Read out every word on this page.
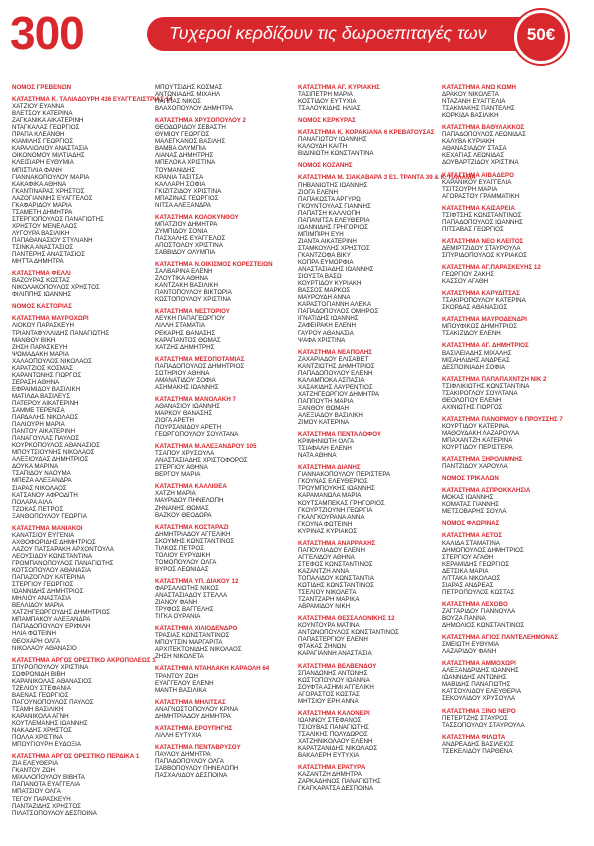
300	Τυχεροί κερδίζουν τις δωροεπιταγές των	50€
ΝΟΜΟΣ ΓΡΕΒΕΝΩΝ
ΚΑΤΑΣΤΗΜΑ Κ. ΤΑΛΙΑΔΟΥΡΗ 436 ΕΥΑΓΓΕΛΙΣΤΡΙΑΣ 14
ΧΑΤΖΙΟΥ ΕΥΑΝΝΑ
ΒΛΕΤΣΟΥ ΚΑΤΕΡΙΝΑ
ΖΑΓΚΑΝΙΚΑ ΑΙΚΑΤΕΡΙΝΗ
ΝΤΑΓΚΑΛΑΣ ΓΕΩΡΓΙΟΣ
ΠΡΑΠΑ ΚΛΕΑΝΘΗ
ΚΙΑΜΙΛΗΣ ΓΕΩΡΓΙΟΣ
ΚΑΡΑΛΙΟΛΙΟΥ ΑΝΑΣΤΑΣΙΑ
ΟΙΚΟΝΟΜΟΥ ΜΙΛΤΙΑΔΗΣ
ΚΛΕΙΣΙΑΡΗ ΕΥΘΥΜΙΑ
ΜΠΙΣΤΙΛΙΑ ΦΑΝΗ
ΓΙΑΝΝΑΚΟΠΟΥΛΟΥ ΜΑΡΙΑ
ΚΑΚΑΦΙΚΑ ΑΘΗΝΑ
ΓΚΑΝΤΙΝΑΡΑΣ ΧΡΗΣΤΟΣ
ΛΑΖΟΓΙΑΝΝΗΣ ΕΥΑΓΓΕΛΟΣ
ΓΚΑΦΑΡΙΔΟΥ ΜΑΡΙΑ
ΤΣΑΜΕΤΗ ΔΗΜΗΤΡΑ
ΣΤΕΡΓΙΟΠΟΥΛΟΣ ΠΑΝΑΓΙΩΤΗΣ
ΧΡΗΣΤΟΥ ΜΕΝΕΛΑΟΣ
ΛΥΓΟΥΡΑ ΒΑΣΙΛΙΚΗ
ΠΑΠΑΘΑΝΑΣΙΟΥ ΣΤΥΛΙΑΝΗ
ΤΣΙΝΚΑ ΑΝΑΣΤΑΣΙΟΣ
ΠΑΝΤΕΡΗΣ ΑΝΑΣΤΑΣΙΟΣ
ΜΗΤΤΑ ΔΗΜΗΤΡΑ
ΚΑΤΑΣΤΗΜΑ ΦΕΛΛΙ
ΒΑΖΟΥΡΑΣ ΚΩΣΤΑΣ
ΝΙΚΟΛΑΚΟΠΟΥΛΟΣ ΧΡΗΣΤΟΣ
ΦΙΛΙΠΠΗΣ ΙΩΑΝΝΗΣ
ΝΟΜΟΣ ΚΑΣΤΟΡΙΑΣ
ΚΑΤΑΣΤΗΜΑ ΜΑΥΡΟΧΩΡΙ
ΛΙΟΚΟΥ ΠΑΡΑΣΚΕΥΗ
ΤΡΙΑΝΤΑΦΥΛΛΙΔΗΣ ΠΑΝΑΓΙΩΤΗΣ
ΜΑΝΘΟΥ ΒΙΚΗ
ΖΗΣΗ ΠΑΡΑΣΚΕΥΗ
ΨΩΜΑΔΑΚΗ ΜΑΡΙΑ
ΧΑΛΑΟΠΟΥΛΟΣ ΝΙΚΟΛΑΟΣ
ΚΑΡΑΤΖΙΟΣ ΚΟΣΜΑΣ
ΚΑΡΑΝΤΩΝΗΣ ΓΙΩΡΓΟΣ
ΣΕΡΑΣΗ ΑΘΗΝΑ
ΕΦΡΑΙΜΙΔΟΥ ΒΑΣΙΛΙΚΗ
ΜΑΤΙΛΔΑ ΒΑΣΙΛΕΥΣ
ΠΑΤΕΡΟΥ ΑΙΚΑΤΕΡΙΝΗ
ΣΑΜΜΕ ΤΕΡΕΝΣΑ
ΠΑΡΔΑΛΗΣ ΝΙΚΟΛΑΟΣ
ΠΑΛΙΟΥΡΗ ΜΑΡΙΑ
ΠΑΝΤΟΥ ΑΙΚΑΤΕΡΙΝΗ
ΠΑΝΑΓΟΥΛΑΣ ΠΑΥΛΟΣ
ΚΟΥΡΚΟΠΟΥΛΟΣ ΑΘΑΝΑΣΙΟΣ
ΜΠΟΥΤΣΙΟΥΝΗΣ ΝΙΚΟΛΑΟΣ
ΑΛΕΞΙΟΥΔΑΣ ΔΗΜΗΤΡΙΟΣ
ΔΟΥΚΑ ΜΑΡΙΝΑ
ΤΣΑΠΙΔΟΥ ΝΑΟΥΜΑ
ΜΠΕΖΑ ΑΛΕΞΑΝΔΡΑ
ΣΙΑΡΑΣ ΝΙΚΟΛΑΟΣ
ΚΑΤΣΑΝΟΥ ΑΦΡΟΔΙΤΗ
ΠΟΛΑΡΑ ΑΙΛΑ
ΤΖΟΚΑΣ ΠΕΤΡΟΣ
ΞΑΝΘΟΠΟΥΛΟΥ ΓΕΩΡΓΙΑ
ΚΑΤΑΣΤΗΜΑ ΜΑΝΙΑΚΟΙ
ΚΑΝΑΤΣΙΟΥ ΕΥΓΕΝΙΑ
ΑΧΘΟΦΟΡΙΔΗΣ ΔΗΜΗΤΡΙΟΣ
ΛΑΖΟΥ ΠΑΤΣΑΡΑΚΗ ΑΡΧΟΝΤΟΥΛΑ
ΛΕΟΥΣΙΔΟΥ ΚΩΝΣΤΑΝΤΙΝΑ
ΓΡΟΜΠΑΝΟΠΟΥΛΟΣ ΠΑΝΑΓΙΩΤΗΣ
ΚΟΤΣΟΠΟΥΛΟΥ ΑΘΑΝΑΣΙΑ
ΠΑΠΑΖΟΓΛΟΥ ΚΑΤΕΡΙΝΑ
ΣΤΕΡΓΙΟΥ ΓΕΩΡΓΙΟΣ
ΙΩΑΝΝΙΔΗΣ ΔΗΜΗΤΡΙΟΣ
ΜΗΛΙΟΥ ΑΝΑΣΤΑΣΙΑ
ΒΕΛΛΙΔΟΥ ΜΑΡΙΑ
ΧΑΤΖΗΓΕΩΡΓΟΥΔΗΣ ΔΗΜΗΤΡΙΟΣ
ΜΠΑΜΠΑΚΟΥ ΑΛΕΞΑΝΔΡΑ
ΠΑΠΑΔΟΠΟΥΛΟΥ ΕΡΙΦΙΛΗ
ΗΛΙΑ ΦΩΤΕΙΝΗ
ΘΕΟΧΑΡΗ ΟΛΓΑ
ΝΙΚΟΛΑΟΥ ΑΘΑΝΑΣΙΟ
ΚΑΤΑΣΤΗΜΑ ΑΡΓΟΣ ΟΡΕΣΤΙΚΟ ΑΚΡΟΠΟΛΕΩΣ 1
ΣΠΥΡΟΠΟΥΛΟΥ ΧΡΙΣΤΙΝΑ
ΣΩΦΡΟΝΙΔΗ ΒΙΒΗ
ΚΑΡΑΝΙΚΟΛΑΣ ΑΘΑΝΑΣΙΟΣ
ΤΖΕΛΙΟΥ ΣΤΕΦΑΝΙΑ
ΒΑΕΝΑΣ ΓΕΩΡΓΙΟΣ
ΠΑΓΟΥΝΟΠΟΥΛΟΣ ΠΑΥΛΟΣ
ΤΣΑΜΗ ΒΑΣΙΛΙΚΗ
ΚΑΡΑΝΙΚΟΛΑ ΑΓΝΗ
ΚΟΥΤΛΕΜΑΝΗΣ ΙΩΑΝΝΗΣ
ΝΑΚΑΔΗΣ ΧΡΗΣΤΟΣ
ΠΟΛΛΑ ΧΡΙΣΤΙΝΑ
ΜΠΟΥΓΙΟΥΡΗ ΕΥΔΟΞΙΑ
ΚΑΤΑΣΤΗΜΑ ΑΡΓΟΣ ΟΡΕΣΤΙΚΟ ΠΕΡΔΙΚΑ 1
ΖΙΑ ΕΛΕΥΘΕΡΙΑ
ΓΚΑΝΤΟΥ ΖΩΗ
ΜΙΧΑΛΟΠΟΥΛΟΥ ΒΙΒΗΤΑ
ΠΑΠΑΝΟΤΑ ΕΥΑΓΓΕΛΙΑ
ΜΠΑΤΣΙΟΥ ΟΛΓΑ
ΤΕΓΟΥ ΠΑΡΑΣΚΕΥΗ
ΠΑΝΤΑΖΙΔΗΣ ΧΡΗΣΤΟΣ
ΠΙΛΑΤΣΟΠΟΥΛΟΥ ΔΕΣΠΟΙΝΑ
ΜΠΟΥΤΣΙΔΗΣ ΚΟΣΜΑΣ
ΑΝΤΩΝΙΑΔΗΣ ΜΙΧΑΗΛ
ΠΑΠΠΑΣ ΝΙΚΟΣ
ΒΛΑΧΟΠΟΥΛΟΥ ΔΗΜΗΤΡΑ
ΚΑΤΑΣΤΗΜΑ ΧΡΥΣΟΠΟΥΛΟΥ 2
ΘΕΟΔΩΡΙΔΟΥ ΣΕΒΑΣΤΗ
ΘΥΜΙΟΥ ΓΕΩΡΓΟΣ
ΜΑΛΕΓΚΑΝΟΣ ΒΑΣΙΛΗΣ
ΒΑΜΒΑ ΟΛΥΜΠΙΑ
ΛΙΑΝΑΣ ΔΗΜΗΤΡΗΣ
ΜΠΕΛΟΚΑ ΧΡΙΣΤΙΝΑ
ΤΟΥΜΑΝΙΔΗΣ
ΚΡΑΝΙΑ ΤΑΣΙΤΣΑ
ΚΑΛΛΑΡΗ ΣΟΦΙΑ
ΓΚΙΖΙΤΖΙΔΟΥ ΧΡΙΣΤΙΝΑ
ΜΠΑΖΙΝΑΣ ΓΕΩΡΓΙΟΣ
ΝΙΤΣΑ ΑΛΕΞΑΝΔΡΑ
ΚΑΤΑΣΤΗΜΑ ΚΟΛΟΚΥΝΘΟΥ
ΜΠΑΤΖΙΟΥ ΔΗΜΗΤΡΑ
ΖΥΜΠΙΔΟΥ ΣΟΝΙΑ
ΠΑΣΧΑΛΗΣ ΕΥΑΓΓΕΛΟΣ
ΑΠΟΣΤΟΛΟΥ ΧΡΙΣΤΙΝΑ
ΣΑΒΒΙΔΟΥ ΟΛΥΜΠΙΑ
ΚΑΤΑΣΤΗΜΑ Ν.ΟΙΚΙΣΜΟΣ ΚΟΡΕΣΤΕΙΩΝ
ΣΑΛΒΑΡΙΝΑ ΕΛΕΝΗ
ΖΛΟΥΤΙΚΑ ΑΘΗΝΑ
ΚΑΝΤΖΑΚΗ ΒΑΣΙΛΙΚΗ
ΠΑΝΤΟΠΟΥΛΟΥ ΒΙΚΤΩΡΙΑ
ΚΩΣΤΟΠΟΥΛΟΥ ΧΡΙΣΤΙΝΑ
ΚΑΤΑΣΤΗΜΑ ΝΕΣΤΟΡΙΟΥ
ΛΕΥΚΗ ΠΑΠΑΓΕΩΡΓΙΟΥ
ΛΙΛΛΗ ΣΤΑΜΑΤΙΑ
ΡΕΚΑΡΗΣ ΘΑΝΑΣΗΣ
ΚΑΡΑΠΑΝΤΟΣ ΘΩΜΑΣ
ΧΑΤΖΗΣ ΔΗΜΗΤΡΗΣ
ΚΑΤΑΣΤΗΜΑ ΜΕΣΟΠΟΤΑΜΙΑΣ
ΠΑΠΑΔΟΠΟΥΛΟΣ ΔΗΜΗΤΡΙΟΣ
ΣΩΤΗΡΙΟΥ ΑΘΗΝΑ
ΑΜΑΝΑΤΙΔΟΥ ΣΟΦΙΑ
ΑΣΗΜΑΚΗΣ ΙΩΑΝΝΗΣ
ΚΑΤΑΣΤΗΜΑ ΜΑΝΟΛΑΚΗ 7
ΑΘΑΝΑΣΙΟΥ ΙΩΑΝΝΗΣ
ΜΑΡΚΟΥ ΘΑΝΑΣΗΣ
ΖΙΟΓΑ ΑΡΕΤΗ
ΠΟΥΡΣΑΝΙΔΟΥ ΑΡΕΤΗ
ΓΕΩΡΓΟΠΟΥΛΟΥ ΣΟΥΛΤΑΝΑ
ΚΑΤΑΣΤΗΜΑ Μ.ΑΛΕΞΑΝΔΡΟΥ 105
ΤΣΑΠΟΥ ΧΡΥΣΟΥΛΑ
ΑΝΑΣΤΑΣΙΑΔΗΣ ΧΡΙΣΤΟΦΟΡΟΣ
ΣΤΕΡΓΙΟΥ ΑΘΗΝΑ
ΒΕΡΓΟΥ ΜΑΡΙΑ
ΚΑΤΑΣΤΗΜΑ ΚΑΛΛΙΘΕΑ
ΧΑΤΖΗ ΜΑΡΙΑ
ΜΑΥΡΙΔΟΥ ΠΗΝΕΛΟΠΗ
ΖΗΝΑΝΗΣ ΘΩΜΑΣ
ΒΑΖΚΟΥ ΘΕΟΔΩΡΑ
ΚΑΤΑΣΤΗΜΑ ΚΟΣΤΑΡΑΖΙ
ΔΗΜΗΤΡΙΑΔΟΥ ΑΓΓΕΛΙΚΗ
ΣΚΟΥΜΗΣ ΚΩΝΣΤΑΝΤΙΝΟΣ
ΤΙΛΚΟΣ ΠΕΤΡΟΣ
ΤΟΛΙΟΥ ΕΥΡΥΔΙΚΗ
ΤΟΜΟΠΟΥΛΟΥ ΟΛΓΑ
ΒΥΡΟΣ ΛΕΩΝΙΔΑΣ
ΚΑΤΑΣΤΗΜΑ ΥΠ. ΔΙΑΚΟΥ 12
ΦΑΡΣΑΛΙΩΤΗΣ ΝΙΚΟΣ
ΑΝΑΣΤΑΣΙΑΔΟΥ ΣΤΕΛΛΑ
ΖΙΑΝΟΥ ΦΑΝΗ
ΤΡΥΦΟΣ ΒΑΓΓΕΛΗΣ
ΤΙΓΚΑ ΟΥΡΑΝΙΑ
ΚΑΤΑΣΤΗΜΑ ΧΙΛΙΟΔΕΝΔΡΟ
ΤΡΑΣΙΑΣ ΚΩΝΣΤΑΝΤΙΝΟΣ
ΜΠΟΥΤΣΙΝ ΜΑΡΓΑΡΙΤΑ
ΑΡΧΙΤΕΚΤΟΝΙΔΗΣ ΝΙΚΟΛΑΟΣ
ΖΗΣΗ ΝΙΚΟΛΕΤΑ
ΚΑΤΑΣΤΗΜΑ ΝΤΑΗΛΑΚΗ ΚΑΡΑΟΛΗ 64
ΤΡΑΝΤΟΥ ΖΩΗ
ΕΥΑΓΓΕΛΟΥ ΕΛΕΝΗ
ΜΑΝΤΗ ΒΑΣΙΛΙΚΑ
ΚΑΤΑΣΤΗΜΑ ΜΗΛΙΤΣΑΣ
ΑΝΑΓΝΩΣΤΟΠΟΥΛΟΥ ΚΡΙΝΑ
ΔΗΜΗΤΡΙΑΔΟΥ ΔΗΜΗΤΡΑ
ΚΑΤΑΣΤΗΜΑ ΕΡΟΥΠΗΓΗΣ
ΛΙΛΛΗ ΕΥΤΥΧΙΑ
ΚΑΤΑΣΤΗΜΑ ΠΕΝΤΑΒΡΥΣΟΥ
ΠΑΥΛΟΥ ΔΗΜΗΤΡΑ
ΠΑΠΑΔΟΠΟΥΛΟΥ ΟΛΓΑ
ΣΑΒΒΟΠΟΥΛΟΥ ΠΗΝΕΛΟΠΗ
ΠΑΣΧΑΛΙΔΟΥ ΔΕΣΠΟΙΝΑ
ΚΑΤΑΣΤΗΜΑ ΑΓ. ΚΥΡΙΑΚΗΣ
ΤΑΣΙΠΕΤΡΗ ΜΑΡΙΑ
ΚΟΣΤΙΔΟΥ ΕΥΤΥΧΙΑ
ΤΣΑΛΟΥΚΙΔΗΣ ΗΛΙΑΣ
ΝΟΜΟΣ ΚΕΡΚΥΡΑΣ
ΚΑΤΑΣΤΗΜΑ Κ. ΚΟΡΑΚΙΑΝΑ 6 ΚΡΕΒΑΤΟΥΣΑΣ
ΠΑΝΑΓΙΩΤΟΥ ΙΩΑΝΝΗΣ
ΚΑΛΟΥΔΗ ΚΑΙΤΗ
ΒΙΔΙΝΙΩΤΗ ΚΩΝΣΤΑΝΤΙΝΑ
ΝΟΜΟΣ ΚΟΖΑΝΗΣ
ΚΑΤΑΣΤΗΜΑ Μ. ΣΙΑΚΑΒΑΡΑ 3 Ε1. ΤΡΑΝΤΑ 39 & Κ. ΠΑΛΑΜΑ
ΠΗΒΑΝΙΩΤΗΣ ΙΩΑΝΝΗΣ
ΖΙΟΓΑ ΕΛΕΝΗ
ΠΑΠΑΚΩΣΤΑ ΑΡΓΥΡΩ
ΓΚΟΥΝΤΟΥΛΑΣ ΓΙΑΝΝΗΣ
ΠΑΠΑΤΣΗ ΚΑΛΛΙΟΠΗ
ΠΑΠΑΝΙΤΣΑ ΕΛΕΥΘΕΡΙΑ
ΙΩΑΝΝΙΔΗΣ ΓΡΗΓΟΡΙΟΣ
ΜΠΙΜΠΙΡΗ ΕΥΗ
ΖΙΑΝΤΑ ΑΙΚΑΤΕΡΙΝΗ
ΣΤΑΜΚΟΥΛΗΣ ΧΡΗΣΤΟΣ
ΓΚΑΝΤΖΟΦΑ ΒΙΚΥ
ΚΟΠΡΑ ΕΥΜΟΡΦΙΑ
ΑΝΑΣΤΑΣΙΑΔΗΣ ΙΩΑΝΝΗΣ
ΣΙΟΥΣΤΑ ΒΑΣΩ
ΚΟΥΡΤΙΔΟΥ ΚΥΡΙΑΚΗ
ΒΑΣΣΟΣ ΜΑΡΚΟΣ
ΜΑΥΡΟΥΔΗ ΑΝΝΑ
ΚΑΡΑΣΤΟΓΙΑΝΝΗ ΑΛΕΚΑ
ΠΑΠΑΔΟΠΟΥΛΟΣ ΟΜΗΡΟΣ
ΙΓΝΑΤΙΔΗΣ ΙΩΑΝΝΗΣ
ΖΑΦΕΙΡΑΚΗ ΕΛΕΝΗ
ΓΑΥΡΟΥ ΑΘΑΝΑΣΙΑ
ΨΑΦΑ ΧΡΙΣΤΙΝΑ
ΚΑΤΑΣΤΗΜΑ ΝΕΑΠΟΛΗΣ
ΖΑΧΑΡΙΑΔΟΥ ΕΛΙΣΑΒΕΤ
ΚΑΝΤΖΙΩΤΗΣ ΔΗΜΗΤΡΙΟΣ
ΠΑΠΑΔΟΠΟΥΛΟΥ ΕΛΕΝΗ
ΚΑΛΑΜΠΟΚΑ ΑΣΠΑΣΙΑ
ΧΑΣΑΚΙΔΗΣ ΛΑΥΡΕΝΤΙΟΣ
ΧΑΤΖΗΓΕΩΡΓΙΟΥ ΔΗΜΗΤΡΑ
ΠΑΠΠΟΥΤΗ ΜΑΡΙΑ
ΞΑΝΘΟΥ ΘΩΜΑΗ
ΑΛΕΞΙΑΔΟΥ ΒΑΣΙΛΙΚΗ
ΖΙΜΟΥ ΚΑΤΕΡΙΝΑ
ΚΑΤΑΣΤΗΜΑ ΠΕΝΤΑΛΟΦΟΥ
ΚΡΙΜΗΝΙΩΤΗ ΟΛΓΑ
ΤΣΙΑΦΑΛΗ ΕΛΕΝΗ
ΝΑΤΑ ΑΘΗΝΑ
ΚΑΤΑΣΤΗΜΑ ΔΙΑΝΗΣ
ΓΙΑΝΝΑΚΟΠΟΥΛΟΥ ΠΕΡΙΣΤΕΡΑ
ΓΚΟΥΝΑΣ ΕΛΕΥΘΕΡΙΟΣ
ΤΡΟΥΜΠΟΥΚΗΣ ΙΩΑΝΝΗΣ
ΚΑΡΑΜΑΝΩΛΑ ΜΑΡΙΑ
ΚΟΥΤΣΑΜΠΕΚΑΣ ΓΡΗΓΟΡΙΟΣ
ΓΚΟΥΡΤΖΙΟΥΝΗ ΓΕΩΡΓΙΑ
ΓΚΑΛΓΚΟΥΡΑΝΑ ΑΝΝΑ
ΓΚΟΥΝΑ ΦΩΤΕΙΝΗ
ΚΥΡΙΝΑΣ ΚΥΡΙΑΚΟΣ
ΚΑΤΑΣΤΗΜΑ ΑΝΑΡΡΑΧΗΣ
ΠΑΠΟΥΛΙΑΔΟΥ ΕΛΕΝΗ
ΑΓΓΕΛΙΔΟΥ ΑΘΗΝΑ
ΣΤΕΦΟΣ ΚΩΝΣΤΑΝΤΙΝΟΣ
ΚΑΖΑΝΤΖΗ ΑΝΝΑ
ΤΟΠΑΛΙΔΟΥ ΚΩΝΣΤΑΝΤΙΑ
ΚΩΤΙΔΗΣ ΚΩΝΣΤΑΝΤΙΝΟΣ
ΤΣΕΛΙΟΥ ΝΙΚΟΛΕΤΑ
ΤΖΑΝΤΖΑΡΗ ΜΑΡΙΚΑ
ΑΒΡΑΜΙΔΟΥ ΝΙΚΗ
ΚΑΤΑΣΤΗΜΑ ΘΕΣΣΑΛΟΝΙΚΗΣ 12
ΚΟΥΝΤΟΥΡΑ ΜΑΤΙΝΑ
ΑΝΤΩΝΟΠΟΥΛΟΣ ΚΩΝΣΤΑΝΤΙΝΟΣ
ΠΑΠΑΣΤΕΡΓΙΟΥ ΕΛΕΝΗ
ΦΤΑΚΑΣ ΖΗΝΩΝ
ΚΑΡΑΓΙΑΝΝΗ ΑΝΑΣΤΑΣΙΑ
ΚΑΤΑΣΤΗΜΑ ΒΕΛΒΕΝΔΟΥ
ΣΠΑΝΔΩΝΗΣ ΑΝΤΩΝΗΣ
ΚΩΣΤΟΠΟΥΛΟΥ ΙΩΑΝΝΑ
ΣΟΥΦΤΑ ΑΣΗΜΙ ΑΓΓΕΛΙΚΗ
ΑΓΟΡΑΣΤΟΣ ΚΩΣΤΑΣ
ΜΗΤΣΙΟΥ ΕΡΗ ΑΝΝΑ
ΚΑΤΑΣΤΗΜΑ ΚΑΛΟΝΕΡΙ
ΙΩΑΝΝΟΥ ΣΤΕΦΑΝΟΣ
ΤΣΙΟΥΒΑΣ ΠΑΝΑΓΙΩΤΗΣ
ΤΣΑΛΙΚΗΣ ΠΟΛΥΔΩΡΟΣ
ΧΑΤΖΗΝΙΚΟΛΑΟΥ ΕΛΕΝΗ
ΚΑΡΑΤΖΑΝΙΔΗΣ ΝΙΚΟΛΑΟΣ
ΒΑΚΑΛΕΡΗ ΕΥΤΥΧΙΑ
ΚΑΤΑΣΤΗΜΑ ΕΡΑΤΥΡΑ
ΚΑΖΑΝΤΖΗ ΔΗΜΗΤΡΑ
ΖΑΡΚΑΔΗΝΟΣ ΠΑΝΑΓΙΩΤΗΣ
ΓΚΑΓΚΑΡΑΤΣΑ ΔΕΣΠΟΙΝΑ
ΚΑΤΑΣΤΗΜΑ ΑΝΩ ΚΩΜΗ
ΔΡΑΚΟΥ ΝΙΚΟΛΕΤΑ
ΝΤΑΖΑΝΗ ΕΥΑΓΓΕΛΙΑ
ΤΣΑΚΜΑΚΗΣ ΠΑΝΤΕΛΗΣ
ΚΟΡΚΙΔΑ ΒΑΣΙΛΙΚΗ
ΚΑΤΑΣΤΗΜΑ ΒΑΘΥΛΑΚΚΟΣ
ΠΑΠΑΔΟΠΟΥΛΟΣ ΛΕΩΝΙΔΑΣ
ΚΑΛΥΒΑ ΚΥΡΙΑΚΗ
ΑΘΑΝΑΣΙΑΔΟΥ ΣΤΑΣΑ
ΚΕΧΑΓΙΑΣ ΛΕΩΝΙΔΑΣ
ΔΟΥΒΑΡΤΖΙΔΟΥ ΧΡΙΣΤΙΝΑ
ΚΑΤΑΣΤΗΜΑ ΑΙΒΑΔΕΡΟ
ΚΑΡΑΝΙΚΟΥ ΕΥΑΓΓΕΛΙΑ
ΤΣΙΤΣΟΥΡΗ ΜΑΡΙΑ
ΑΓΟΡΑΣΤΟΥ ΓΡΑΜΜΑΤΙΚΗ
ΚΑΤΑΣΤΗΜΑ ΚΑΙΣΑΡΕΙΑ
ΤΣΙΦΤΣΗΣ ΚΩΝΣΤΑΝΤΙΝΟΣ
ΠΑΠΑΔΟΠΟΥΛΟΣ ΙΩΑΝΝΗΣ
ΠΙΤΣΑΒΑΣ ΓΕΩΡΓΙΟΣ
ΚΑΤΑΣΤΗΜΑ ΝΕΟ ΚΛΕΙΤΟΣ
ΔΕΜΙΡΤΖΙΔΟΥ ΣΤΑΥΡΟΥΛΑ
ΣΠΥΡΙΔΟΠΟΥΛΟΣ ΚΥΡΙΑΚΟΣ
ΚΑΤΑΣΤΗΜΑ ΑΓ.ΠΑΡΑΣΚΕΥΗΣ 12
ΓΕΩΡΓΙΟΥ ΖΑΚΗΣ
ΚΑΣΣΟΥ ΑΓΑΘΗ
ΚΑΤΑΣΤΗΜΑ ΚΑΡΥΔΙΤΣΑΣ
ΤΣΑΚΙΡΟΠΟΥΛΟΥ ΚΑΤΕΡΙΝΑ
ΣΚΟΡΔΑΣ ΑΘΑΝΑΣΙΟΣ
ΚΑΤΑΣΤΗΜΑ ΜΑΥΡΟΔΕΝΔΡΙ
ΜΠΟΥΦΙΚΟΣ ΔΗΜΗΤΡΙΟΣ
ΤΣΑΚΙΖΙΔΟΥ ΕΛΕΝΗ
ΚΑΤΑΣΤΗΜΑ ΑΓ. ΔΗΜΗΤΡΙΟΣ
ΒΑΣΙΛΕΙΑΔΗΣ ΜΙΧΑΛΗΣ
ΜΙΣΑΗΛΙΔΗΣ ΑΝΔΡΕΑΣ
ΔΕΣΠΟΙΝΙΑΔΗ ΣΟΦΙΑ
ΚΑΤΑΣΤΗΜΑ ΠΑΠΑΠΑΧΝΤΖΗ ΝΙΚ 2
ΤΣΙΦΛΙΚΙΩΤΗΣ ΚΩΝΣΤΑΝΤΙΝΑ
ΤΣΑΚΙΡΟΓΛΟΥ ΣΟΥΛΤΑΝΑ
ΘΕΟΛΟΓΙΟΥ ΕΛΕΝΗ
ΑΧΙΝΙΩΤΗΣ ΓΙΩΡΓΟΣ
ΚΑΤΑΣΤΗΜΑ ΠΑΝΟΡΜΟΥ 6 ΠΡΟΥΣΣΗΣ 7
ΚΟΥΡΤΙΔΟΥ ΚΑΤΕΡΙΝΑ
ΜΑΘΟΥΔΑΚΗ ΛΑΖΑΡΟΥΛΑ
ΜΠΑΧΑΝΤΖΗ ΚΑΤΕΡΙΝΑ
ΚΟΥΡΤΙΔΟΥ ΠΕΡΙΣΤΕΡΑ
ΚΑΤΑΣΤΗΜΑ ΞΗΡΟΛΙΜΝΗΣ
ΠΑΝΤΖΙΔΟΥ ΧΑΡΟΥΛΑ
ΝΟΜΟΣ ΤΡΙΚΑΛΩΝ
ΚΑΤΑΣΤΗΜΑ ΑΣΠΡΟΚΚΛΗΣΙΑ
ΜΟΚΑΣ ΙΩΑΝΝΗΣ
ΚΟΜΑΤΑΣ ΓΙΑΝΝΗΣ
ΜΕΤΣΟΒΑΡΗΣ ΣΟΥΛΑ
ΝΟΜΟΣ ΦΛΩΡΙΝΑΣ
ΚΑΤΑΣΤΗΜΑ ΑΕΤΟΣ
ΚΑΛΙΔΑ ΣΤΑΜΑΤΙΝΑ
ΔΗΜΟΠΟΥΛΟΣ ΔΗΜΗΤΡΙΟΣ
ΣΤΕΡΓΙΟΥ ΑΓΑΘΗ
ΚΕΡΑΜΙΔΗΣ ΓΕΩΡΓΙΟΣ
ΔΕΤΣΙΚΑ ΜΑΡΙΑ
ΛΙΤΤΑΚΑ ΝΙΚΟΛΑΟΣ
ΣΙΑΡΑΣ ΑΝΔΡΕΑΣ
ΠΕΤΡΟΠΟΥΛΟΣ ΚΩΣΤΑΣ
ΚΑΤΑΣΤΗΜΑ ΛΕΧΟΒΟ
ΖΑΓΓΑΡΙΔΟΥ ΓΙΑΝΝΟΥΛΑ
ΒΟΥΖΑ ΠΑΝΝΑ
ΔΗΜΟΛΙΟΣ ΚΩΝΣΤΑΝΤΙΝΟΣ
ΚΑΤΑΣΤΗΜΑ ΑΓΙΟΣ ΠΑΝΤΕΛΕΗΜΟΝΑΣ
ΣΜΕΙΩΤΗ ΕΥΘΥΜΙΑ
ΛΑΖΑΡΙΔΟΥ ΦΑΝΗ
ΚΑΤΑΣΤΗΜΑ ΑΜΜΟΧΩΡΙ
ΑΛΕΞΑΝΔΡΙΔΗΣ ΙΩΑΝΝΗΣ
ΙΩΑΝΝΙΔΗΣ ΑΝΤΩΝΗΣ
ΜΑΒΙΔΗΣ ΠΑΝΑΓΙΩΤΗΣ
ΚΑΤΣΟΥΛΙΔΟΥ ΕΛΕΥΘΕΡΙΑ
ΣΕΚΟΥΛΙΔΟΥ ΧΡΥΣΟΥΛΑ
ΚΑΤΑΣΤΗΜΑ ΞΙΝΟ ΝΕΡΟ
ΠΕΤΕΡΤΖΗΣ ΣΤΑΥΡΟΣ
ΤΑΣΣΟΠΟΥΛΟΥ ΣΤΑΥΡΟΥΛΑ
ΚΑΤΑΣΤΗΜΑ ΦΙΛΩΤΑ
ΑΝΔΡΕΑΔΗΣ ΒΑΣΙΛΕΙΟΣ
ΤΣΕΚΕΛΙΔΟΥ ΠΑΡΘΕΝΑ
